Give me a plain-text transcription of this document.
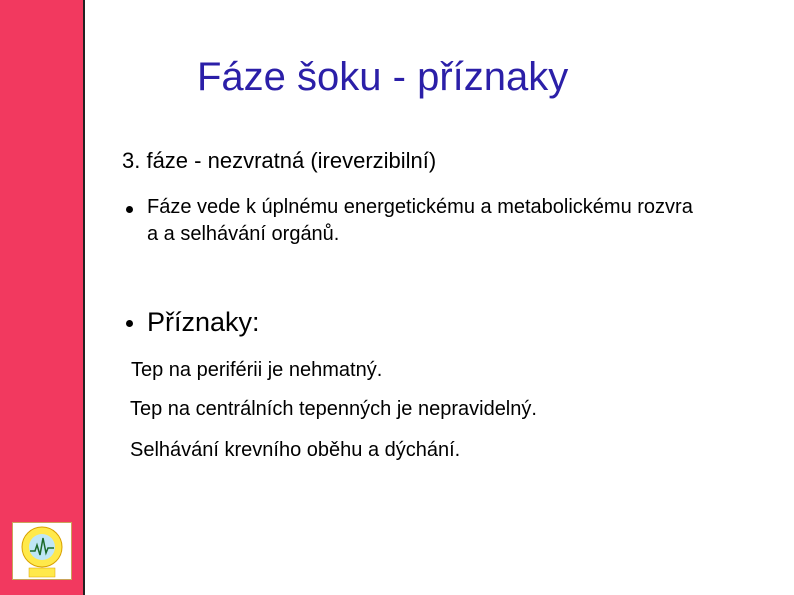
Fáze šoku - příznaky
3. fáze - nezvratná (ireverzibilní)
Fáze vede k úplnému energetickému a metabolickému rozvra
a a selhávání orgánů.
Příznaky:
Tep na periférii je nehmatný.
Tep na centrálních tepenných je nepravidelný.
Selhávání krevního oběhu a dýchání.
